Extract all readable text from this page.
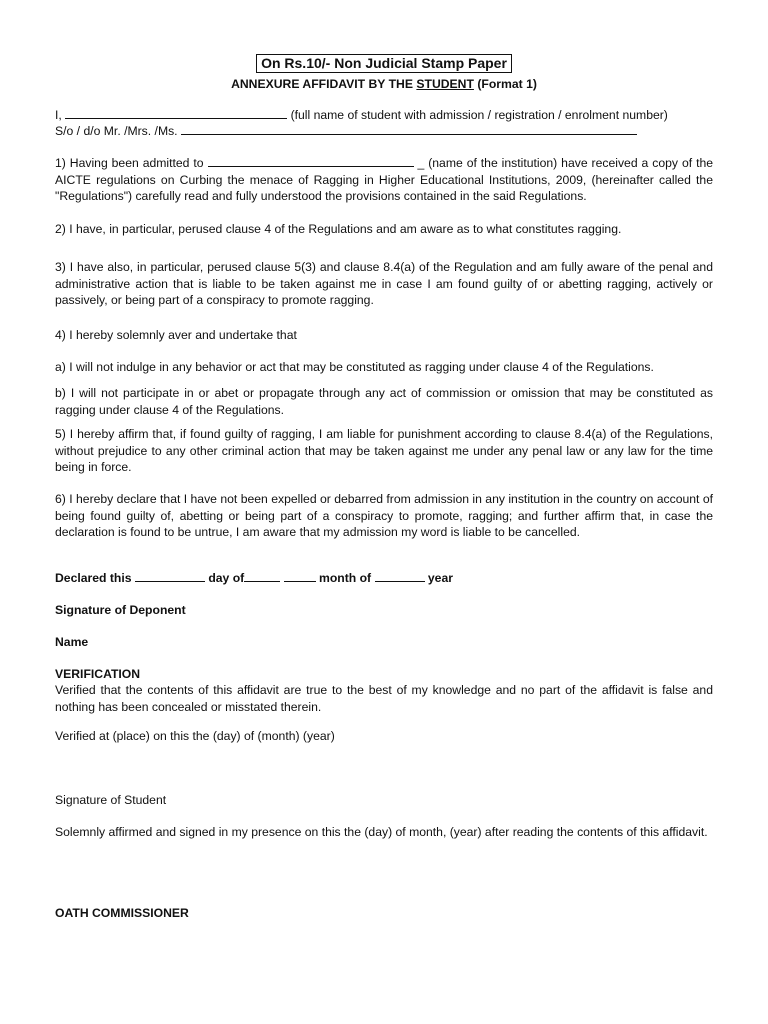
On Rs.10/- Non Judicial Stamp Paper
ANNEXURE AFFIDAVIT BY THE STUDENT (Format 1)
I,	(full name of student with admission / registration / enrolment number)
S/o / d/o Mr. /Mrs. /Ms.
1) Having been admitted to	_ (name of the institution) have received a copy of the AICTE regulations on Curbing the menace of Ragging in Higher Educational Institutions, 2009, (hereinafter called the "Regulations") carefully read and fully understood the provisions contained in the said Regulations.
2) I have, in particular, perused clause 4 of the Regulations and am aware as to what constitutes ragging.
3) I have also, in particular, perused clause 5(3) and clause 8.4(a) of the Regulation and am fully aware of the penal and administrative action that is liable to be taken against me in case I am found guilty of or abetting ragging, actively or passively, or being part of a conspiracy to promote ragging.
4) I hereby solemnly aver and undertake that
a) I will not indulge in any behavior or act that may be constituted as ragging under clause 4 of the Regulations.
b) I will not participate in or abet or propagate through any act of commission or omission that may be constituted as ragging under clause 4 of the Regulations.
5) I hereby affirm that, if found guilty of ragging, I am liable for punishment according to clause 8.4(a) of the Regulations, without prejudice to any other criminal action that may be taken against me under any penal law or any law for the time being in force.
6) I hereby declare that I have not been expelled or debarred from admission in any institution in the country on account of being found guilty of, abetting or being part of a conspiracy to promote, ragging; and further affirm that, in case the declaration is found to be untrue, I am aware that my admission my word is liable to be cancelled.
Declared this	day of	month of	year
Signature of Deponent
Name
VERIFICATION
Verified that the contents of this affidavit are true to the best of my knowledge and no part of the affidavit is false and nothing has been concealed or misstated therein.
Verified at (place) on this the (day) of (month) (year)
Signature of Student
Solemnly affirmed and signed in my presence on this the (day) of month, (year) after reading the contents of this affidavit.
OATH COMMISSIONER
